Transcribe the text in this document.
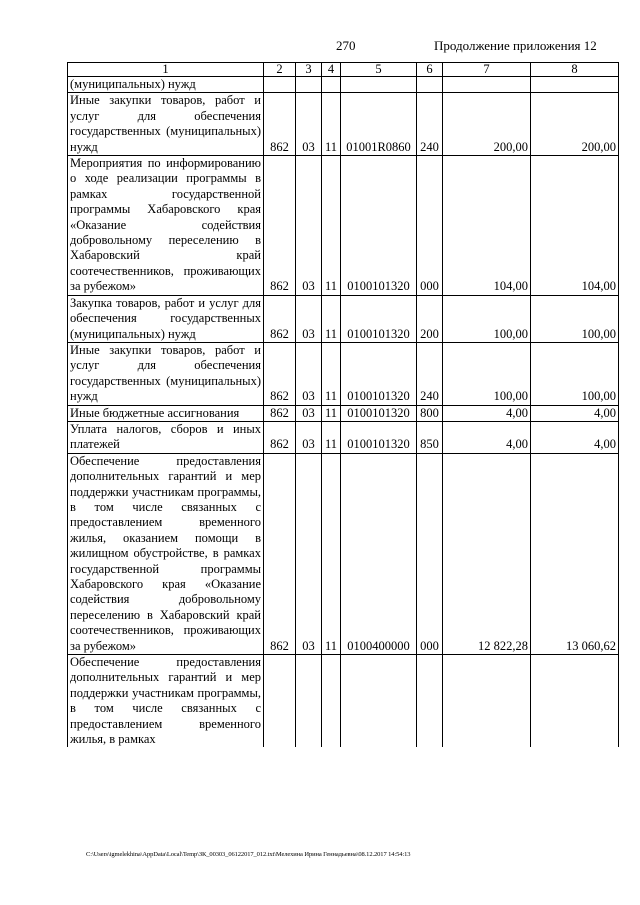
270	Продолжение приложения 12
1	2	3	4	5	6	7	8
(муниципальных) нужд							
Иные закупки товаров, работ и услуг для обеспечения государственных (муниципальных) нужд	862	03	11	01001R0860	240	200,00	200,00
Мероприятия по информированию о ходе реализации программы в рамках государственной программы Хабаровского края «Оказание содействия добровольному переселению в Хабаровский край соотечественников, проживающих за рубежом»	862	03	11	0100101320	000	104,00	104,00
Закупка товаров, работ и услуг для обеспечения государственных (муниципальных) нужд	862	03	11	0100101320	200	100,00	100,00
Иные закупки товаров, работ и услуг для обеспечения государственных (муниципальных) нужд	862	03	11	0100101320	240	100,00	100,00
Иные бюджетные ассигнования	862	03	11	0100101320	800	4,00	4,00
Уплата налогов, сборов и иных платежей	862	03	11	0100101320	850	4,00	4,00
Обеспечение предоставления дополнительных гарантий и мер поддержки участникам программы, в том числе связанных с предоставлением временного жилья, оказанием помощи в жилищном обустройстве, в рамках государственной программы Хабаровского края «Оказание содействия добровольному переселению в Хабаровский край соотечественников, проживающих за рубежом»	862	03	11	0100400000	000	12 822,28	13 060,62
Обеспечение предоставления дополнительных гарантий и мер поддержки участникам программы, в том числе связанных с предоставлением временного жилья, в рамках							
C:\Users\igmelekhina\AppData\Local\Temp\ЗК_00303_06122017_012.txt\Мелехина Ирина Геннадьевна\08.12.2017 14:54:13
